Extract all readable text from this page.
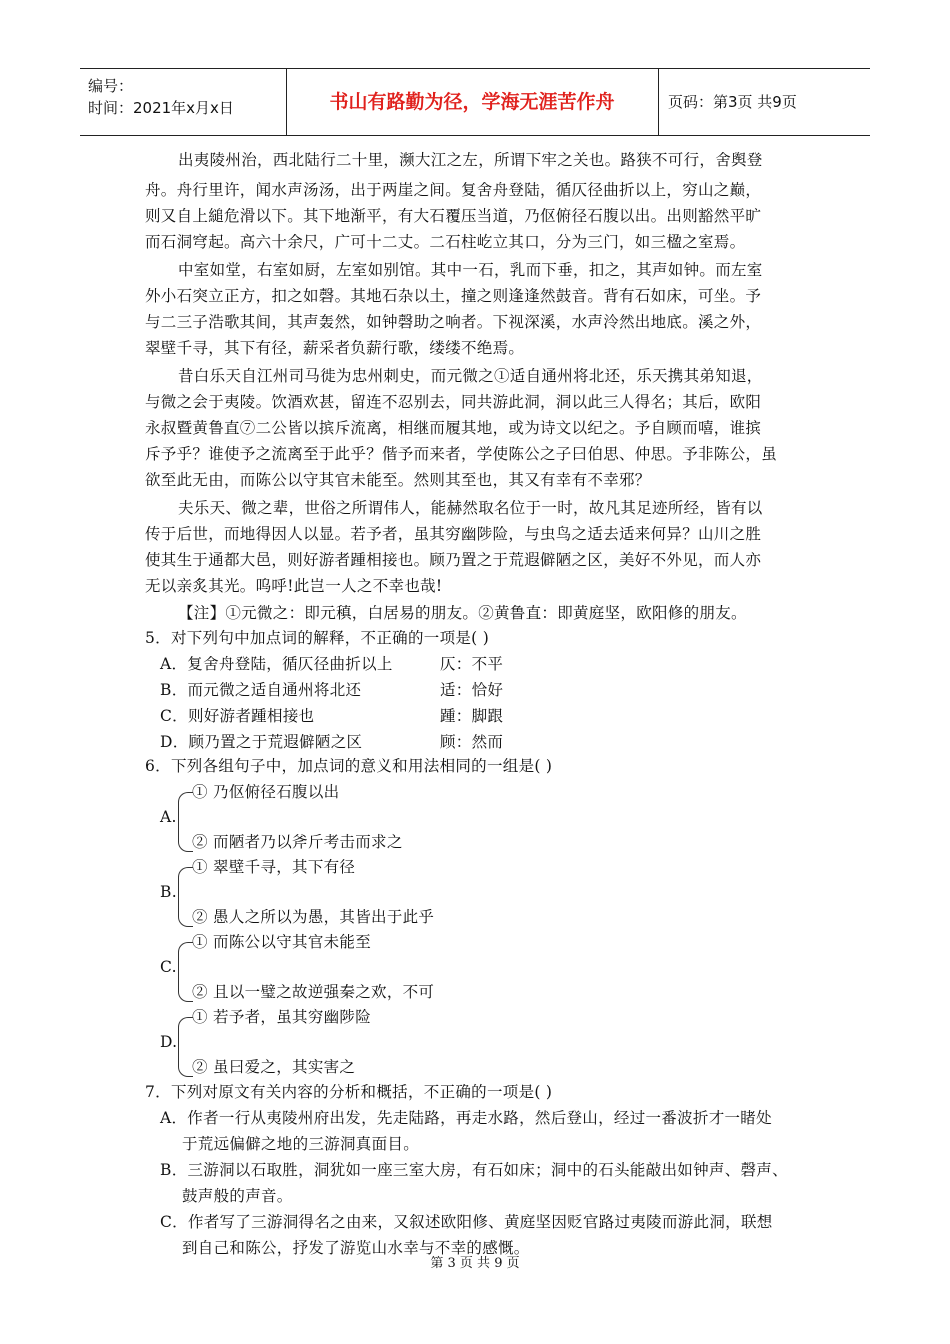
编号：
时间：2021年x月x日	书山有路勤为径，学海无涯苦作舟	页码：第3页 共9页
出夷陵州治，西北陆行二十里，濒大江之左，所谓下牢之关也。路狭不可行，舍舆登
舟。舟行里许，闻水声汤汤，出于两崖之间。复舍舟登陆，循仄径曲折以上，穷山之巅，
则又自上縋危滑以下。其下地渐平，有大石覆压当道，乃伛俯径石腹以出。出则豁然平旷
而石洞穹起。高六十余尺，广可十二丈。二石柱屹立其口，分为三门，如三楹之室焉。
中室如堂，右室如厨，左室如别馆。其中一石，乳而下垂，扣之，其声如钟。而左室
外小石突立正方，扣之如磬。其地石杂以土，撞之则逢逢然鼓音。背有石如床，可坐。予
与二三子浩歌其间，其声轰然，如钟磬助之响者。下视深溪，水声泠然出地底。溪之外，
翠壁千寻，其下有径，薪采者负薪行歌，缕缕不绝焉。
昔白乐天自江州司马徙为忠州刺史，而元微之①适自通州将北还，乐天携其弟知退，
与微之会于夷陵。饮酒欢甚，留连不忍别去，同共游此洞，洞以此三人得名；其后，欧阳
永叔暨黄鲁直⑦二公皆以摈斥流离，相继而履其地，或为诗文以纪之。予自顾而嘻，谁摈
斥予乎？谁使予之流离至于此乎？偕予而来者，学使陈公之子曰伯思、仲思。予非陈公，虽
欲至此无由，而陈公以守其官未能至。然则其至也，其又有幸有不幸邪？
夫乐天、微之辈，世俗之所谓伟人，能赫然取名位于一时，故凡其足迹所经，皆有以
传于后世，而地得因人以显。若予者，虽其穷幽陟险，与虫鸟之适去适来何异？山川之胜
使其生于通都大邑，则好游者踵相接也。顾乃置之于荒遐僻陋之区，美好不外见，而人亦
无以亲炙其光。呜呼!此岂一人之不幸也哉!
【注】①元微之：即元稹，白居易的朋友。②黄鲁直：即黄庭坚，欧阳修的朋友。
5．对下列句中加点词的解释，不正确的一项是( )
A．复舍舟登陆，循仄径曲折以上	仄：不平
B．而元微之适自通州将北还	适：恰好
C．则好游者踵相接也	踵：脚跟
D．顾乃置之于荒遐僻陋之区	顾：然而
6．下列各组句子中，加点词的意义和用法相同的一组是( )
① 乃伛俯径石腹以出
A.
② 而陋者乃以斧斤考击而求之
① 翠壁千寻，其下有径
B.
② 愚人之所以为愚，其皆出于此乎
① 而陈公以守其官未能至
C.
② 且以一璧之故逆强秦之欢，不可
① 若予者，虽其穷幽陟险
D.
② 虽曰爱之，其实害之
7．下列对原文有关内容的分析和概括，不正确的一项是( )
A．作者一行从夷陵州府出发，先走陆路，再走水路，然后登山，经过一番波折才一睹处
于荒远偏僻之地的三游洞真面目。
B．三游洞以石取胜，洞犹如一座三室大房，有石如床；洞中的石头能敲出如钟声、磬声、
鼓声般的声音。
C．作者写了三游洞得名之由来，又叙述欧阳修、黄庭坚因贬官路过夷陵而游此洞，联想
到自己和陈公，抒发了游览山水幸与不幸的感慨。
第 3 页 共 9 页
